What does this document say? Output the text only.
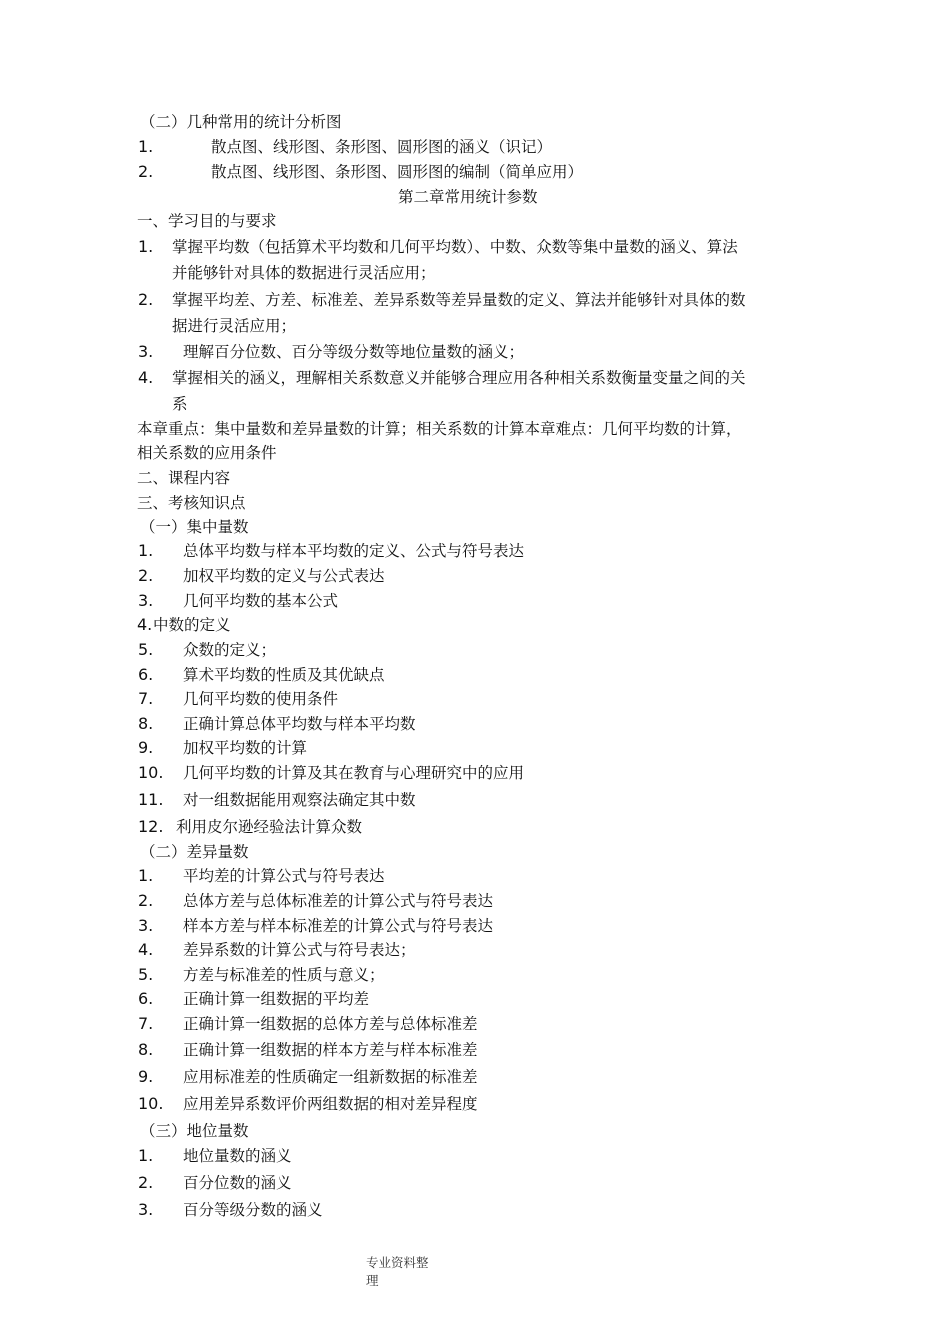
（二）几种常用的统计分析图
1.	散点图、线形图、条形图、圆形图的涵义（识记）
2.	散点图、线形图、条形图、圆形图的编制（简单应用）
第二章常用统计参数
一、学习目的与要求
1. 掌握平均数（包括算术平均数和几何平均数）、中数、众数等集中量数的涵义、算法
并能够针对具体的数据进行灵活应用；
2. 掌握平均差、方差、标准差、差异系数等差异量数的定义、算法并能够针对具体的数
据进行灵活应用；
3. 理解百分位数、百分等级分数等地位量数的涵义；
4. 掌握相关的涵义，理解相关系数意义并能够合理应用各种相关系数衡量变量之间的关
系
本章重点：集中量数和差异量数的计算；相关系数的计算本章难点：几何平均数的计算，
相关系数的应用条件
二、课程内容
三、考核知识点
（一）集中量数
1. 总体平均数与样本平均数的定义、公式与符号表达
2. 加权平均数的定义与公式表达
3. 几何平均数的基本公式
4. 中数的定义
5. 众数的定义；
6. 算术平均数的性质及其优缺点
7. 几何平均数的使用条件
8. 正确计算总体平均数与样本平均数
9. 加权平均数的计算
10. 几何平均数的计算及其在教育与心理研究中的应用
11. 对一组数据能用观察法确定其中数
12. 利用皮尔逊经验法计算众数
（二）差异量数
1. 平均差的计算公式与符号表达
2. 总体方差与总体标准差的计算公式与符号表达
3. 样本方差与样本标准差的计算公式与符号表达
4. 差异系数的计算公式与符号表达；
5. 方差与标准差的性质与意义；
6. 正确计算一组数据的平均差
7. 正确计算一组数据的总体方差与总体标准差
8. 正确计算一组数据的样本方差与样本标准差
9. 应用标准差的性质确定一组新数据的标准差
10. 应用差异系数评价两组数据的相对差异程度
（三）地位量数
1. 地位量数的涵义
2. 百分位数的涵义
3. 百分等级分数的涵义
专业资料整
理
